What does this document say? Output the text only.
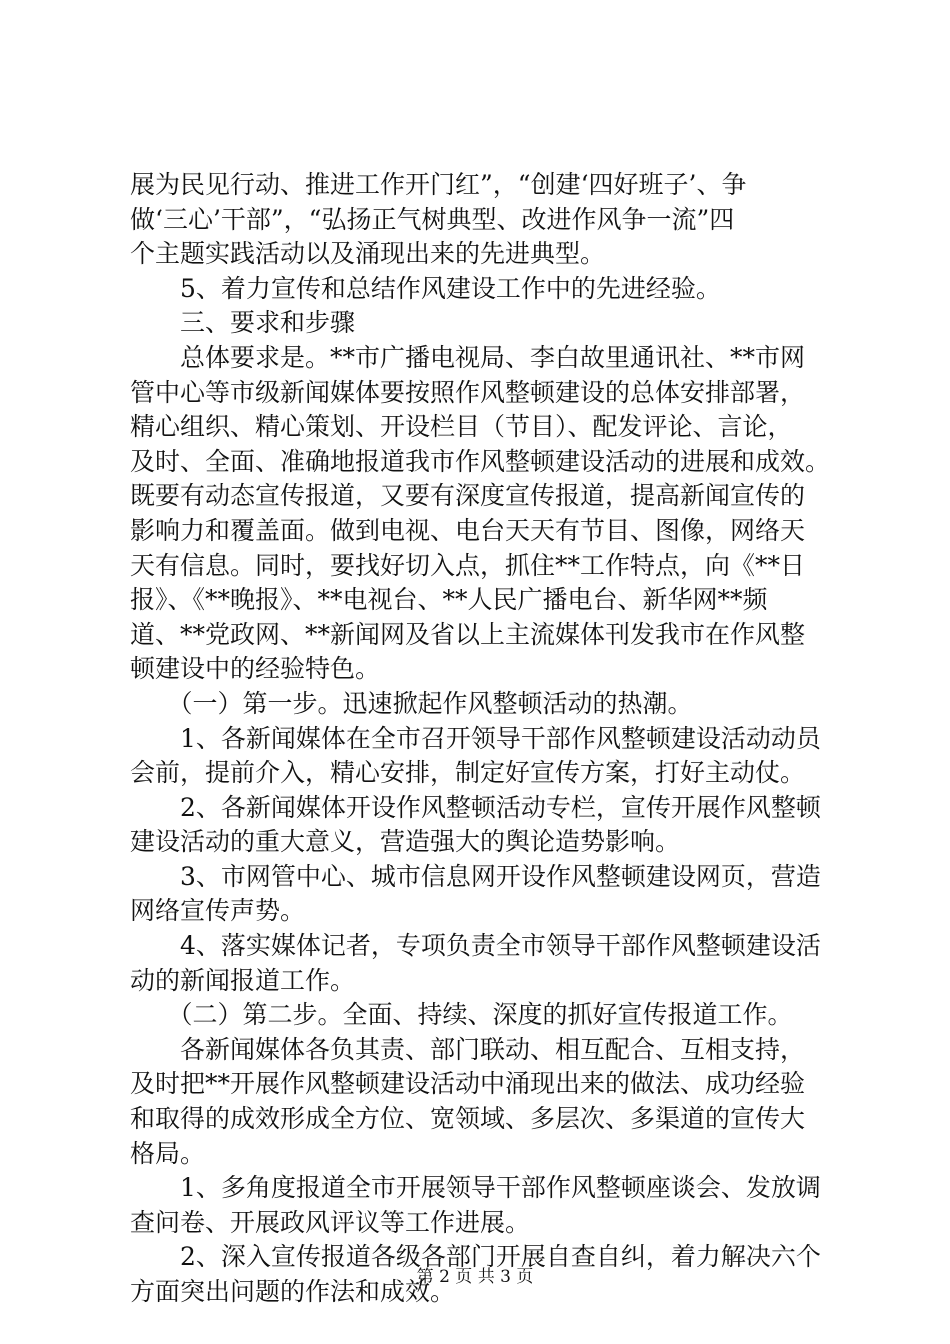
展为民见行动、推进工作开门红”，“创建‘四好班子’、争
做‘三心’干部”，“弘扬正气树典型、改进作风争一流”四
个主题实践活动以及涌现出来的先进典型。
　　5、着力宣传和总结作风建设工作中的先进经验。
　　三、要求和步骤
　　总体要求是。**市广播电视局、李白故里通讯社、**市网
管中心等市级新闻媒体要按照作风整顿建设的总体安排部署，
精心组织、精心策划、开设栏目（节目）、配发评论、言论，
及时、全面、准确地报道我市作风整顿建设活动的进展和成效。
既要有动态宣传报道，又要有深度宣传报道，提高新闻宣传的
影响力和覆盖面。做到电视、电台天天有节目、图像，网络天
天有信息。同时，要找好切入点，抓住**工作特点，向《**日
报》、《**晚报》、**电视台、**人民广播电台、新华网**频
道、**党政网、**新闻网及省以上主流媒体刊发我市在作风整
顿建设中的经验特色。
　　（一）第一步。迅速掀起作风整顿活动的热潮。
　　1、各新闻媒体在全市召开领导干部作风整顿建设活动动员
会前，提前介入，精心安排，制定好宣传方案，打好主动仗。
　　2、各新闻媒体开设作风整顿活动专栏，宣传开展作风整顿
建设活动的重大意义，营造强大的舆论造势影响。
　　3、市网管中心、城市信息网开设作风整顿建设网页，营造
网络宣传声势。
　　4、落实媒体记者，专项负责全市领导干部作风整顿建设活
动的新闻报道工作。
　　（二）第二步。全面、持续、深度的抓好宣传报道工作。
　　各新闻媒体各负其责、部门联动、相互配合、互相支持，
及时把**开展作风整顿建设活动中涌现出来的做法、成功经验
和取得的成效形成全方位、宽领域、多层次、多渠道的宣传大
格局。
　　1、多角度报道全市开展领导干部作风整顿座谈会、发放调
查问卷、开展政风评议等工作进展。
　　2、深入宣传报道各级各部门开展自查自纠，着力解决六个
方面突出问题的作法和成效。
第 2 页 共 3 页
